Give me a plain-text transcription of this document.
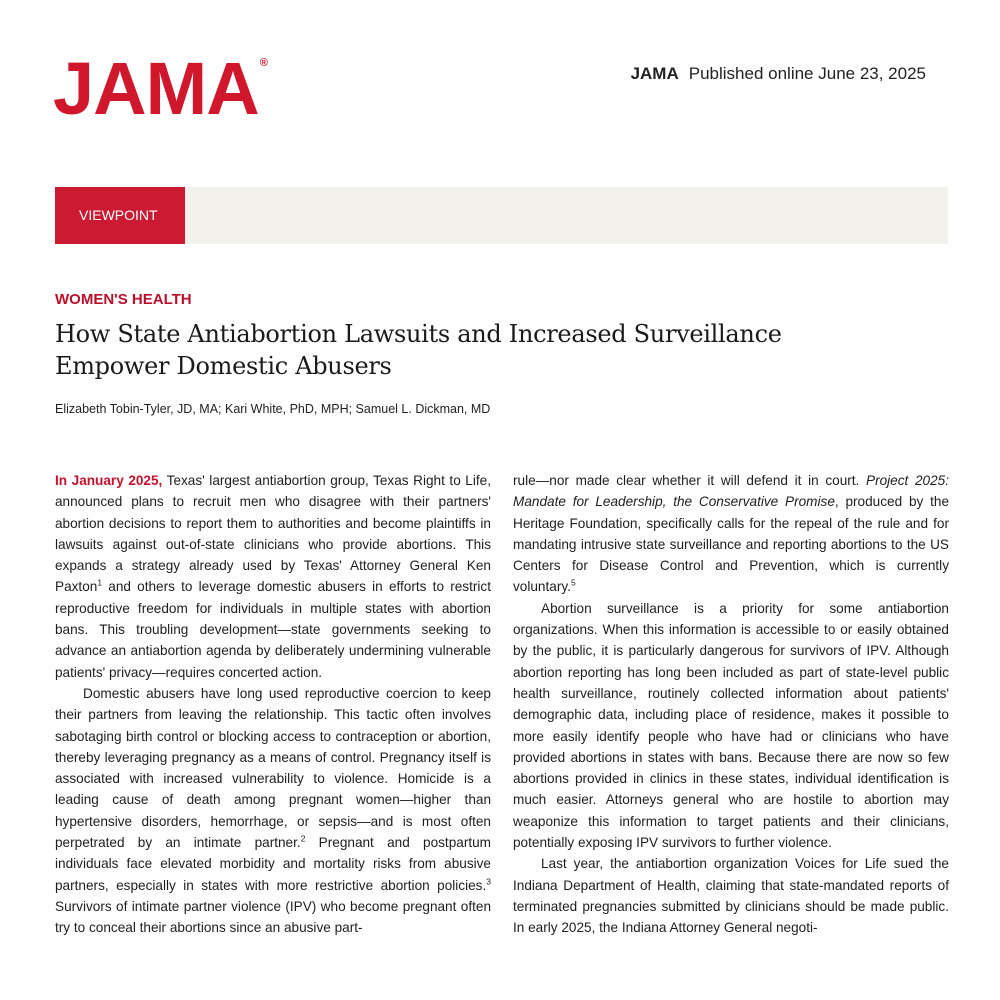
JAMA®
JAMA Published online June 23, 2025
VIEWPOINT
WOMEN'S HEALTH
How State Antiabortion Lawsuits and Increased Surveillance Empower Domestic Abusers
Elizabeth Tobin-Tyler, JD, MA; Kari White, PhD, MPH; Samuel L. Dickman, MD

In January 2025, Texas' largest antiabortion group, Texas Right to Life, announced plans to recruit men who disagree with their partners' abortion decisions to report them to authorities and become plaintiffs in lawsuits against out-of-state clinicians who provide abortions. This expands a strategy already used by Texas' Attorney General Ken Paxton$^1$ and others to leverage domestic abusers in efforts to restrict reproductive freedom for individuals in multiple states with abortion bans. This troubling development—state governments seeking to advance an antiabortion agenda by deliberately undermining vulnerable patients' privacy—requires concerted action.

Domestic abusers have long used reproductive coercion to keep their partners from leaving the relationship. This tactic often involves sabotaging birth control or blocking access to contraception or abortion, thereby leveraging pregnancy as a means of control. Pregnancy itself is associated with increased vulnerability to violence. Homicide is a leading cause of death among pregnant women—higher than hypertensive disorders, hemorrhage, or sepsis—and is most often perpetrated by an intimate partner.$^2$ Pregnant and postpartum individuals face elevated morbidity and mortality risks from abusive partners, especially in states with more restrictive abortion policies.$^3$ Survivors of intimate partner violence (IPV) who become pregnant often try to conceal their abortions since an abusive part-

rule—nor made clear whether it will defend it in court. Project 2025: Mandate for Leadership, the Conservative Promise, produced by the Heritage Foundation, specifically calls for the repeal of the rule and for mandating intrusive state surveillance and reporting abortions to the US Centers for Disease Control and Prevention, which is currently voluntary.$^5$

Abortion surveillance is a priority for some antiabortion organizations. When this information is accessible to or easily obtained by the public, it is particularly dangerous for survivors of IPV. Although abortion reporting has long been included as part of state-level public health surveillance, routinely collected information about patients' demographic data, including place of residence, makes it possible to more easily identify people who have had or clinicians who have provided abortions in states with bans. Because there are now so few abortions provided in clinics in these states, individual identification is much easier. Attorneys general who are hostile to abortion may weaponize this information to target patients and their clinicians, potentially exposing IPV survivors to further violence.

Last year, the antiabortion organization Voices for Life sued the Indiana Department of Health, claiming that state-mandated reports of terminated pregnancies submitted by clinicians should be made public. In early 2025, the Indiana Attorney General negoti-
